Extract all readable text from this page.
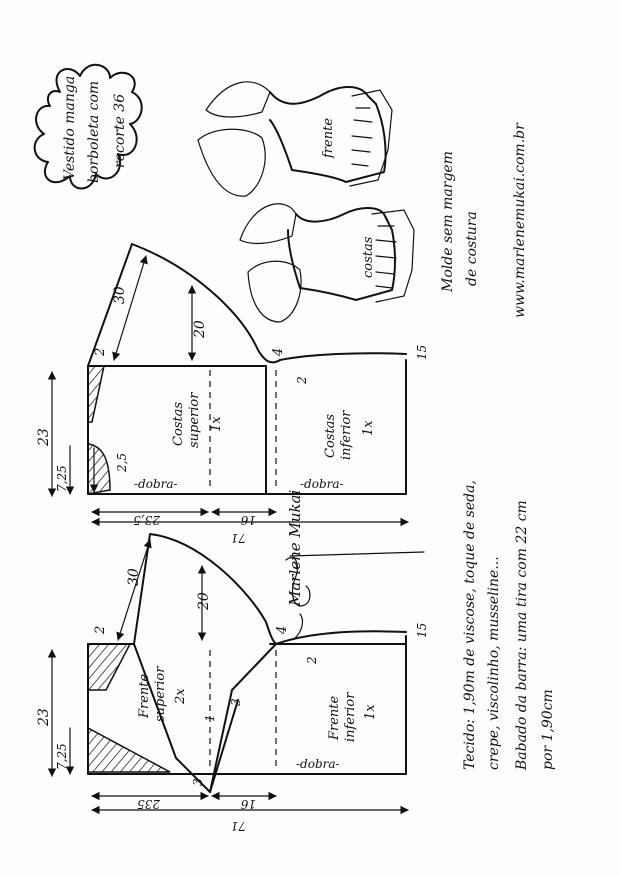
Vestido manga borboleta com recorte 36	frente
costas	Molde sem margem de costura www.marlenemukai.com.br
30
20
2	4
2
15
2,5
Costas superior 1x	Costas inferior 1x
-dobra-	-dobra-
23
7,25
23,5	16
71
30
20
2	4
2
15
3
3
1
Frente superior 2x	Frente inferior 1x
-dobra-
23
7,25
235	16
71
Marlene Mukai	Tecido: 1,90m de viscose, toque de seda, crepe, viscolinho, musseline... Babado da barra: uma tira com 22 cm por 1,90cm
